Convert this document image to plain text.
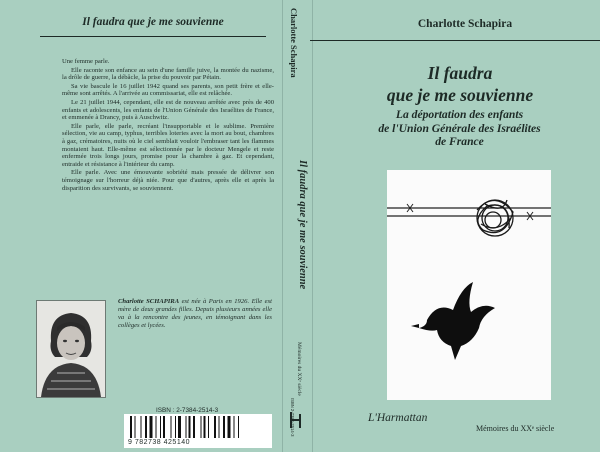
Il faudra que je me souvienne

Une femme parle.

Elle raconte son enfance au sein d'une famille juive, la montée du nazisme, la drôle de guerre, la débâcle, la prise du pouvoir par Pétain.

Sa vie bascule le 16 juillet 1942 quand ses parents, son petit frère et elle-même sont arrêtés. A l'arrivée au commissariat, elle est relâchée.

Le 21 juillet 1944, cependant, elle est de nouveau arrêtée avec près de 400 enfants et adolescents, les enfants de l'Union Générale des Israélites de France, et emmenée à Drancy, puis à Auschwitz.

Elle parle, elle parle, recréant l'insupportable et le sublime. Première sélection, vie au camp, typhus, terribles loteries avec la mort au bout, chambres à gaz, crématoires, nuits où le ciel semblait vouloir l'embraser tant les flammes montaient haut. Elle-même est sélectionnée par le docteur Mengele et reste enfermée trois longs jours, promise pour la chambre à gaz. Et cependant, entraide et résistance à l'intérieur du camp.

Elle parle. Avec une émouvante sobriété mais pressée de délivrer son témoignage sur l'horreur déjà niée. Pour que d'autres, après elle et après la disparition des survivants, se souviennent.

Charlotte SCHAPIRA est née à Paris en 1926. Elle est mère de deux grandes filles. Depuis plusieurs années elle va à la rencontre des jeunes, en témoignant dans les collèges et lycées.
ISBN : 2-7384-2514-3
9 782738 425140
Charlotte Schapira
Il faudra que je me souvienne
Mémoires du XXᵉ siècle
ISBN 2-7384-2514-3
Charlotte Schapira
Il faudra
que je me souvienne
La déportation des enfants
de l'Union Générale des Israélites
de France
L'Harmattan
Mémoires du XXᵉ siècle
